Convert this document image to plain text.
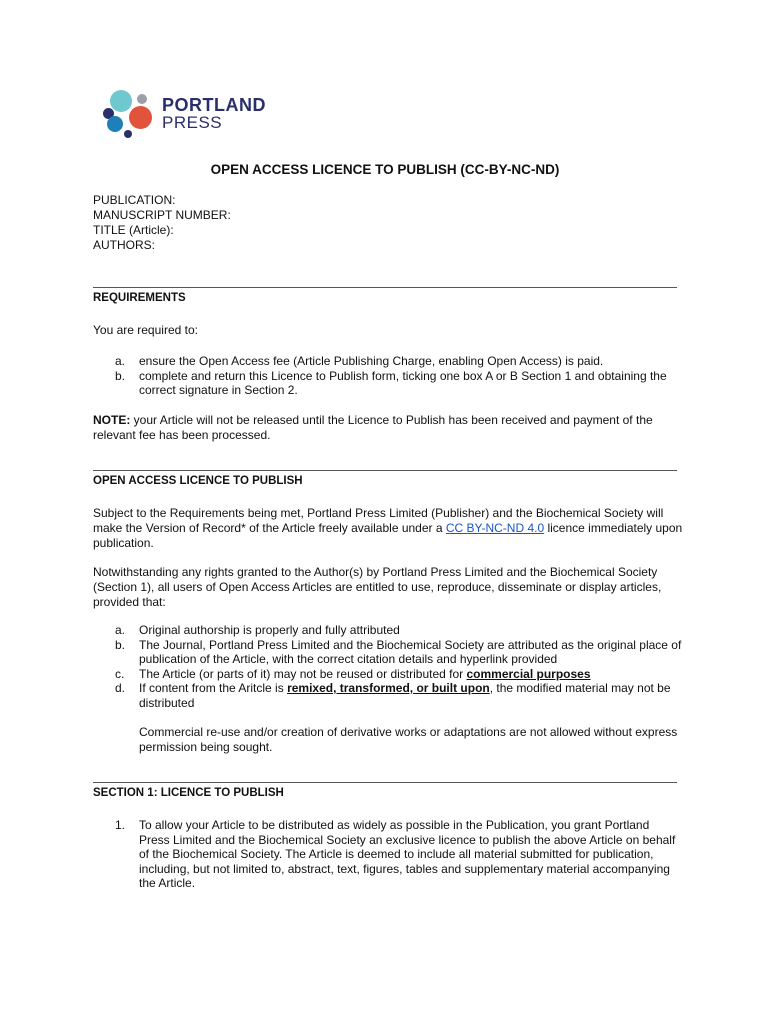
PORTLAND
PRESS
OPEN ACCESS LICENCE TO PUBLISH (CC-BY-NC-ND)
PUBLICATION:
MANUSCRIPT NUMBER:
TITLE (Article):
AUTHORS:
REQUIREMENTS
You are required to:
a. ensure the Open Access fee (Article Publishing Charge, enabling Open Access) is paid.
b. complete and return this Licence to Publish form, ticking one box A or B Section 1 and obtaining the correct signature in Section 2.
NOTE: your Article will not be released until the Licence to Publish has been received and payment of the relevant fee has been processed.
OPEN ACCESS LICENCE TO PUBLISH
Subject to the Requirements being met, Portland Press Limited (Publisher) and the Biochemical Society will make the Version of Record* of the Article freely available under a CC BY-NC-ND 4.0 licence immediately upon publication.
Notwithstanding any rights granted to the Author(s) by Portland Press Limited and the Biochemical Society (Section 1), all users of Open Access Articles are entitled to use, reproduce, disseminate or display articles, provided that:
a. Original authorship is properly and fully attributed
b. The Journal, Portland Press Limited and the Biochemical Society are attributed as the original place of publication of the Article, with the correct citation details and hyperlink provided
c. The Article (or parts of it) may not be reused or distributed for commercial purposes
d. If content from the Aritcle is remixed, transformed, or built upon, the modified material may not be distributed
Commercial re-use and/or creation of derivative works or adaptations are not allowed without express permission being sought.
SECTION 1: LICENCE TO PUBLISH
1. To allow your Article to be distributed as widely as possible in the Publication, you grant Portland Press Limited and the Biochemical Society an exclusive licence to publish the above Article on behalf of the Biochemical Society. The Article is deemed to include all material submitted for publication, including, but not limited to, abstract, text, figures, tables and supplementary material accompanying the Article.
